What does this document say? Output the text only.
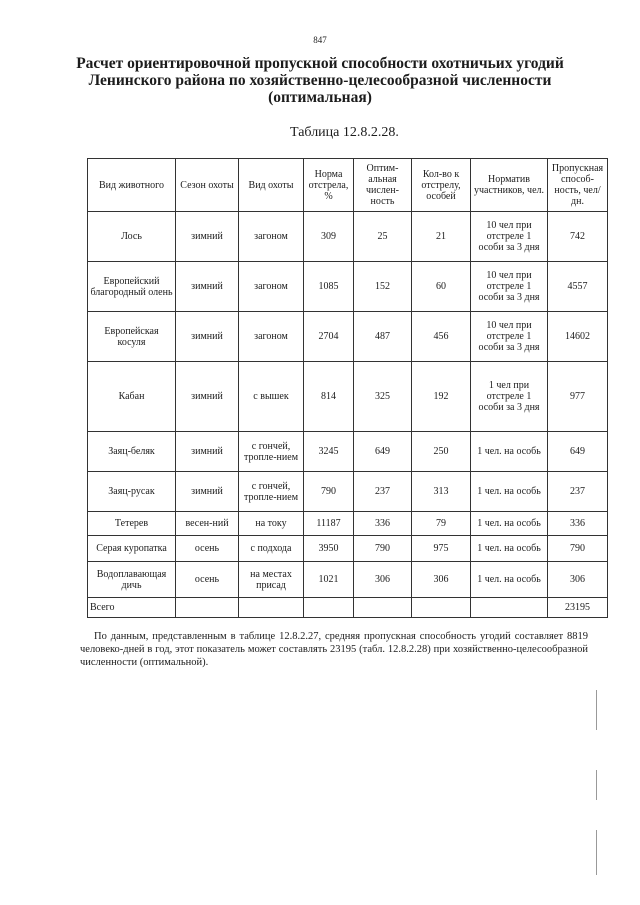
847
Расчет ориентировочной пропускной способности охотничьих угодий Ленинского района по хозяйственно-целесообразной численности (оптимальная)
Таблица 12.8.2.28.
Вид животного	Сезон охоты	Вид охоты	Норма отстрела, %	Оптим-альная числен-ность	Кол-во к отстрелу, особей	Норматив участников, чел.	Пропускная способ-ность, чел/дн.
Лось	зимний	загоном	309	25	21	10 чел при отстреле 1 особи за 3 дня	742
Европейский благородный олень	зимний	загоном	1085	152	60	10 чел при отстреле 1 особи за 3 дня	4557
Европейская косуля	зимний	загоном	2704	487	456	10 чел при отстреле 1 особи за 3 дня	14602
Кабан	зимний	с вышек	814	325	192	1 чел при отстреле 1 особи за 3 дня	977
Заяц-беляк	зимний	с гончей, тропле-нием	3245	649	250	1 чел. на особь	649
Заяц-русак	зимний	с гончей, тропле-нием	790	237	313	1 чел. на особь	237
Тетерев	весен-ний	на току	11187	336	79	1 чел. на особь	336
Серая куропатка	осень	с подхода	3950	790	975	1 чел. на особь	790
Водоплавающая дичь	осень	на местах присад	1021	306	306	1 чел. на особь	306
Всего							23195
По данным, представленным в таблице 12.8.2.27, средняя пропускная способность угодий составляет 8819 человеко-дней в год, этот показатель может составлять 23195 (табл. 12.8.2.28) при хозяйственно-целесообразной численности (оптимальной).
